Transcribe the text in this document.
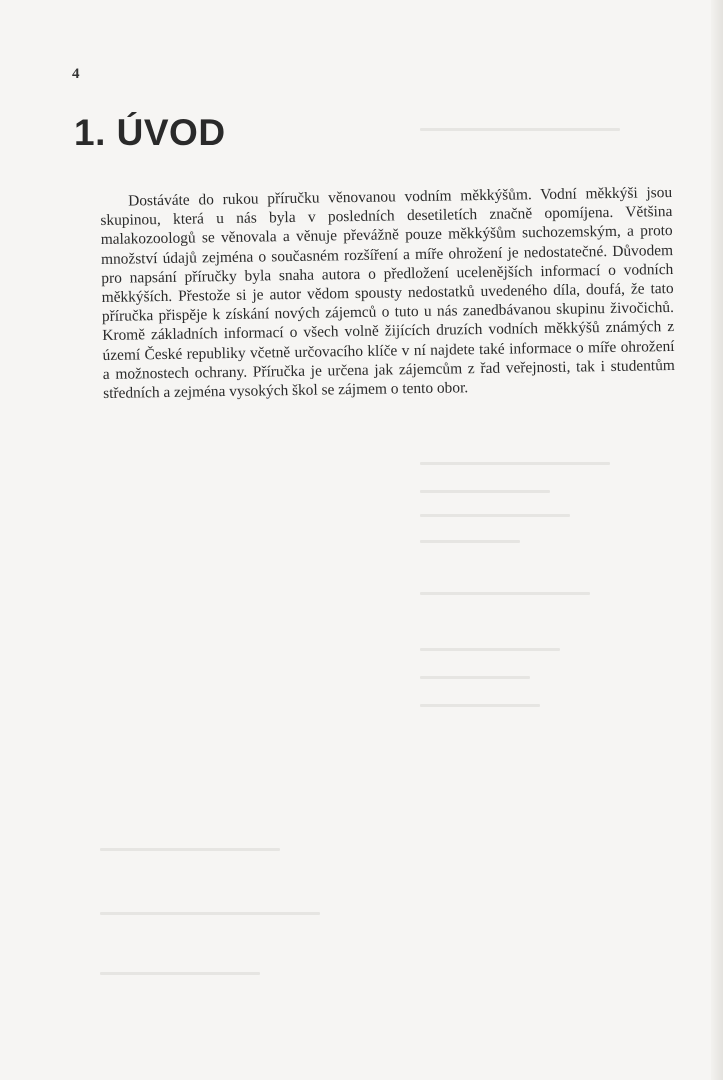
4
1. ÚVOD

Dostáváte do rukou příručku věnovanou vodním měkkýšům. Vodní měkkýši jsou skupinou, která u nás byla v posledních desetiletích značně opomíjena. Většina malakozoologů se věnovala a věnuje převážně pouze měkkýšům suchozemským, a proto množství údajů zejména o současném rozšíření a míře ohrožení je nedostatečné. Důvodem pro napsání příručky byla snaha autora o předložení ucelenějších informací o vodních měkkýších. Přestože si je autor vědom spousty nedostatků uvedeného díla, doufá, že tato příručka přispěje k získání nových zájemců o tuto u nás zanedbávanou skupinu živočichů. Kromě základních informací o všech volně žijících druzích vodních měkkýšů známých z území České republiky včetně určovacího klíče v ní najdete také informace o míře ohrožení a možnostech ochrany. Příručka je určena jak zájemcům z řad veřejnosti, tak i studentům středních a zejména vysokých škol se zájmem o tento obor.
